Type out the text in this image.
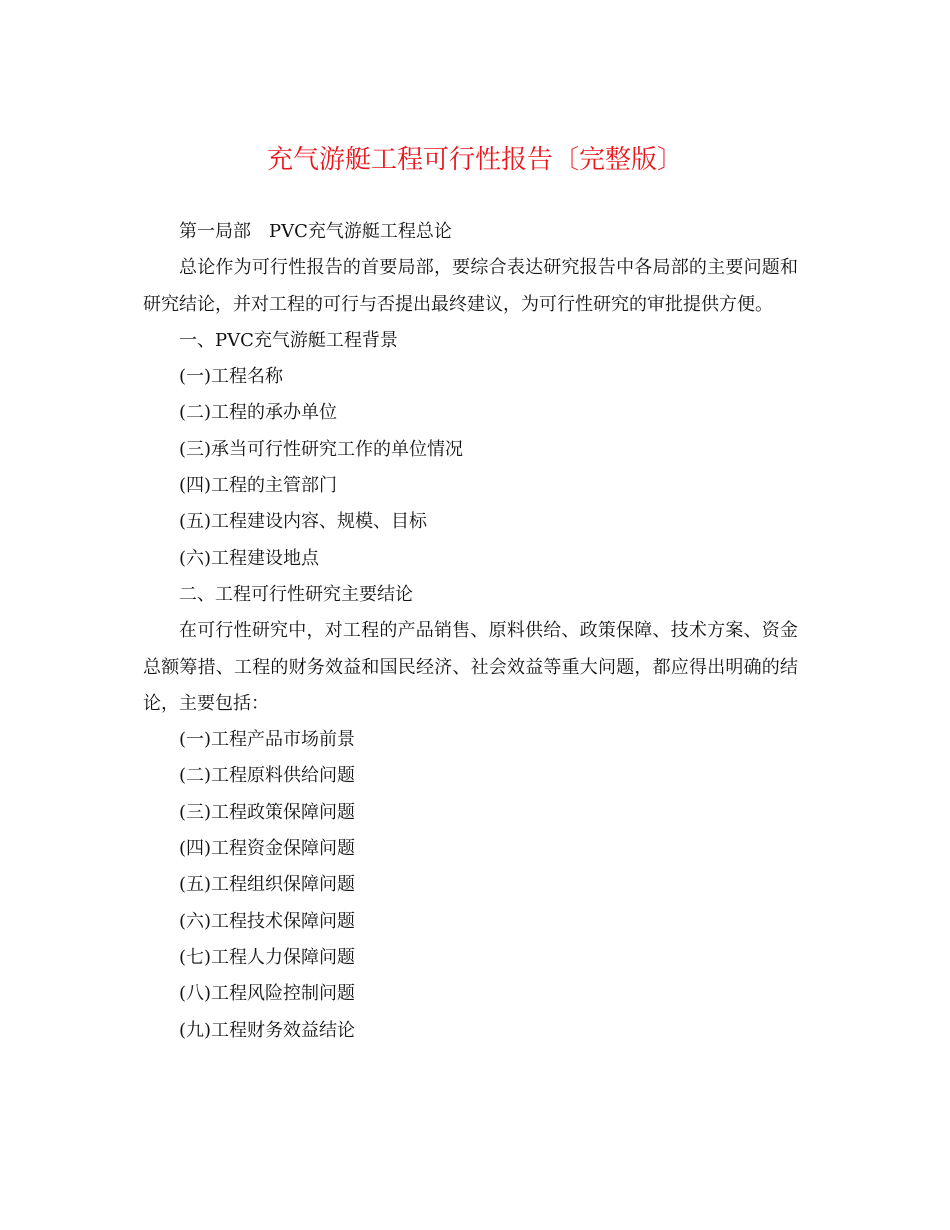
充气游艇工程可行性报告〔完整版〕

第一局部　PVC充气游艇工程总论

总论作为可行性报告的首要局部，要综合表达研究报告中各局部的主要问题和研究结论，并对工程的可行与否提出最终建议，为可行性研究的审批提供方便。

一、PVC充气游艇工程背景

(一)工程名称

(二)工程的承办单位

(三)承当可行性研究工作的单位情况

(四)工程的主管部门

(五)工程建设内容、规模、目标

(六)工程建设地点

二、工程可行性研究主要结论

在可行性研究中，对工程的产品销售、原料供给、政策保障、技术方案、资金总额筹措、工程的财务效益和国民经济、社会效益等重大问题，都应得出明确的结论，主要包括：

(一)工程产品市场前景

(二)工程原料供给问题

(三)工程政策保障问题

(四)工程资金保障问题

(五)工程组织保障问题

(六)工程技术保障问题

(七)工程人力保障问题

(八)工程风险控制问题

(九)工程财务效益结论
